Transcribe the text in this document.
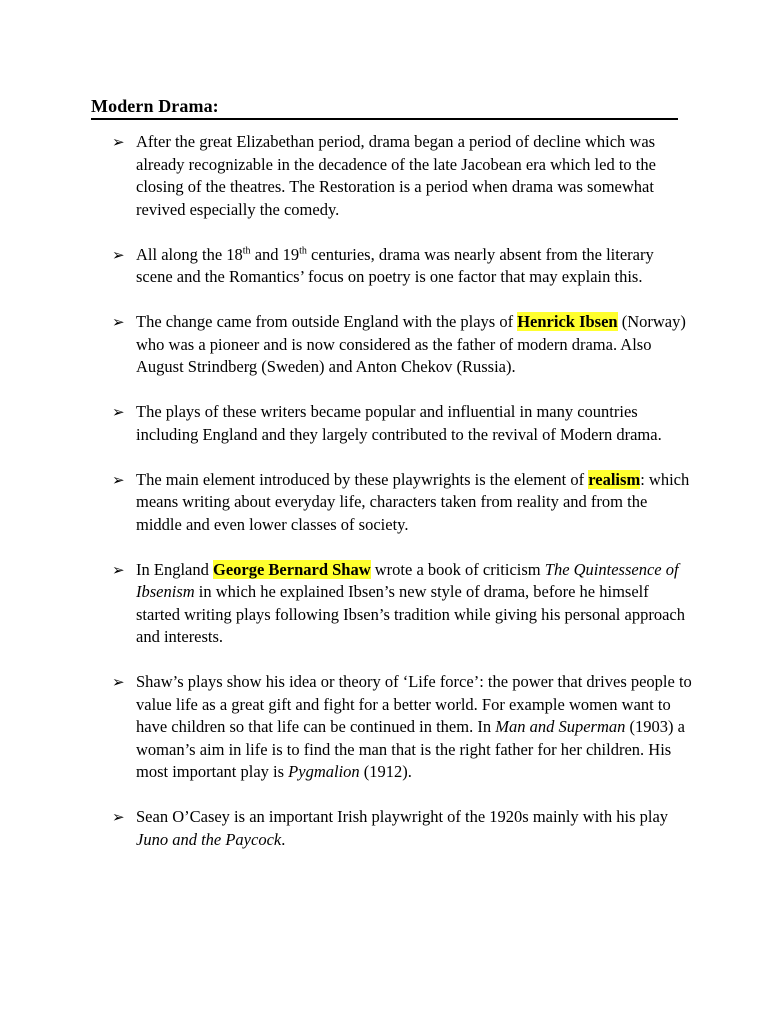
Modern Drama:
➢ After the great Elizabethan period, drama began a period of decline which was already recognizable in the decadence of the late Jacobean era which led to the closing of the theatres. The Restoration is a period when drama was somewhat revived especially the comedy.
➢ All along the 18th and 19th centuries, drama was nearly absent from the literary scene and the Romantics’ focus on poetry is one factor that may explain this.
➢ The change came from outside England with the plays of Henrick Ibsen (Norway) who was a pioneer and is now considered as the father of modern drama. Also August Strindberg (Sweden) and Anton Chekov (Russia).
➢ The plays of these writers became popular and influential in many countries including England and they largely contributed to the revival of Modern drama.
➢ The main element introduced by these playwrights is the element of realism: which means writing about everyday life, characters taken from reality and from the middle and even lower classes of society.
➢ In England George Bernard Shaw wrote a book of criticism The Quintessence of Ibsenism in which he explained Ibsen’s new style of drama, before he himself started writing plays following Ibsen’s tradition while giving his personal approach and interests.
➢ Shaw’s plays show his idea or theory of ‘Life force’: the power that drives people to value life as a great gift and fight for a better world. For example women want to have children so that life can be continued in them. In Man and Superman (1903) a woman’s aim in life is to find the man that is the right father for her children. His most important play is Pygmalion (1912).
➢ Sean O’Casey is an important Irish playwright of the 1920s mainly with his play Juno and the Paycock.
